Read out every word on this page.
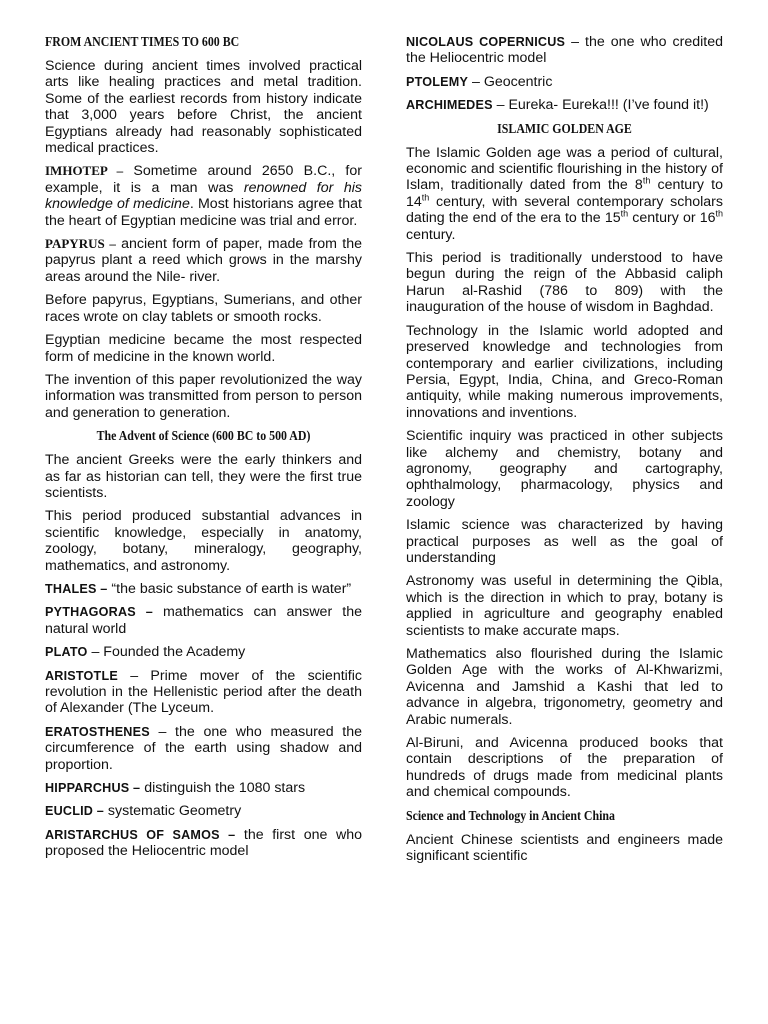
FROM ANCIENT TIMES TO 600 BC

Science during ancient times involved practical arts like healing practices and metal tradition. Some of the earliest records from history indicate that 3,000 years before Christ, the ancient Egyptians already had reasonably sophisticated medical practices.

IMHOTEP – Sometime around 2650 B.C., for example, it is a man was renowned for his knowledge of medicine. Most historians agree that the heart of Egyptian medicine was trial and error.

PAPYRUS – ancient form of paper, made from the papyrus plant a reed which grows in the marshy areas around the Nile- river.

Before papyrus, Egyptians, Sumerians, and other races wrote on clay tablets or smooth rocks.

Egyptian medicine became the most respected form of medicine in the known world.

The invention of this paper revolutionized the way information was transmitted from person to person and generation to generation.

The Advent of Science (600 BC to 500 AD)

The ancient Greeks were the early thinkers and as far as historian can tell, they were the first true scientists.

This period produced substantial advances in scientific knowledge, especially in anatomy, zoology, botany, mineralogy, geography, mathematics, and astronomy.

THALES – “the basic substance of earth is water”

PYTHAGORAS – mathematics can answer the natural world

PLATO – Founded the Academy

ARISTOTLE – Prime mover of the scientific revolution in the Hellenistic period after the death of Alexander (The Lyceum.

ERATOSTHENES – the one who measured the circumference of the earth using shadow and proportion.

HIPPARCHUS – distinguish the 1080 stars

EUCLID – systematic Geometry

ARISTARCHUS OF SAMOS – the first one who proposed the Heliocentric model

NICOLAUS COPERNICUS – the one who credited the Heliocentric model

PTOLEMY – Geocentric

ARCHIMEDES – Eureka- Eureka!!! (I’ve found it!)

ISLAMIC GOLDEN AGE

The Islamic Golden age was a period of cultural, economic and scientific flourishing in the history of Islam, traditionally dated from the 8th century to 14th century, with several contemporary scholars dating the end of the era to the 15th century or 16th century.

This period is traditionally understood to have begun during the reign of the Abbasid caliph Harun al-Rashid (786 to 809) with the inauguration of the house of wisdom in Baghdad.

Technology in the Islamic world adopted and preserved knowledge and technologies from contemporary and earlier civilizations, including Persia, Egypt, India, China, and Greco-Roman antiquity, while making numerous improvements, innovations and inventions.

Scientific inquiry was practiced in other subjects like alchemy and chemistry, botany and agronomy, geography and cartography, ophthalmology, pharmacology, physics and zoology

Islamic science was characterized by having practical purposes as well as the goal of understanding

Astronomy was useful in determining the Qibla, which is the direction in which to pray, botany is applied in agriculture and geography enabled scientists to make accurate maps.

Mathematics also flourished during the Islamic Golden Age with the works of Al-Khwarizmi, Avicenna and Jamshid a Kashi that led to advance in algebra, trigonometry, geometry and Arabic numerals.

Al-Biruni, and Avicenna produced books that contain descriptions of the preparation of hundreds of drugs made from medicinal plants and chemical compounds.

Science and Technology in Ancient China

Ancient Chinese scientists and engineers made significant scientific
